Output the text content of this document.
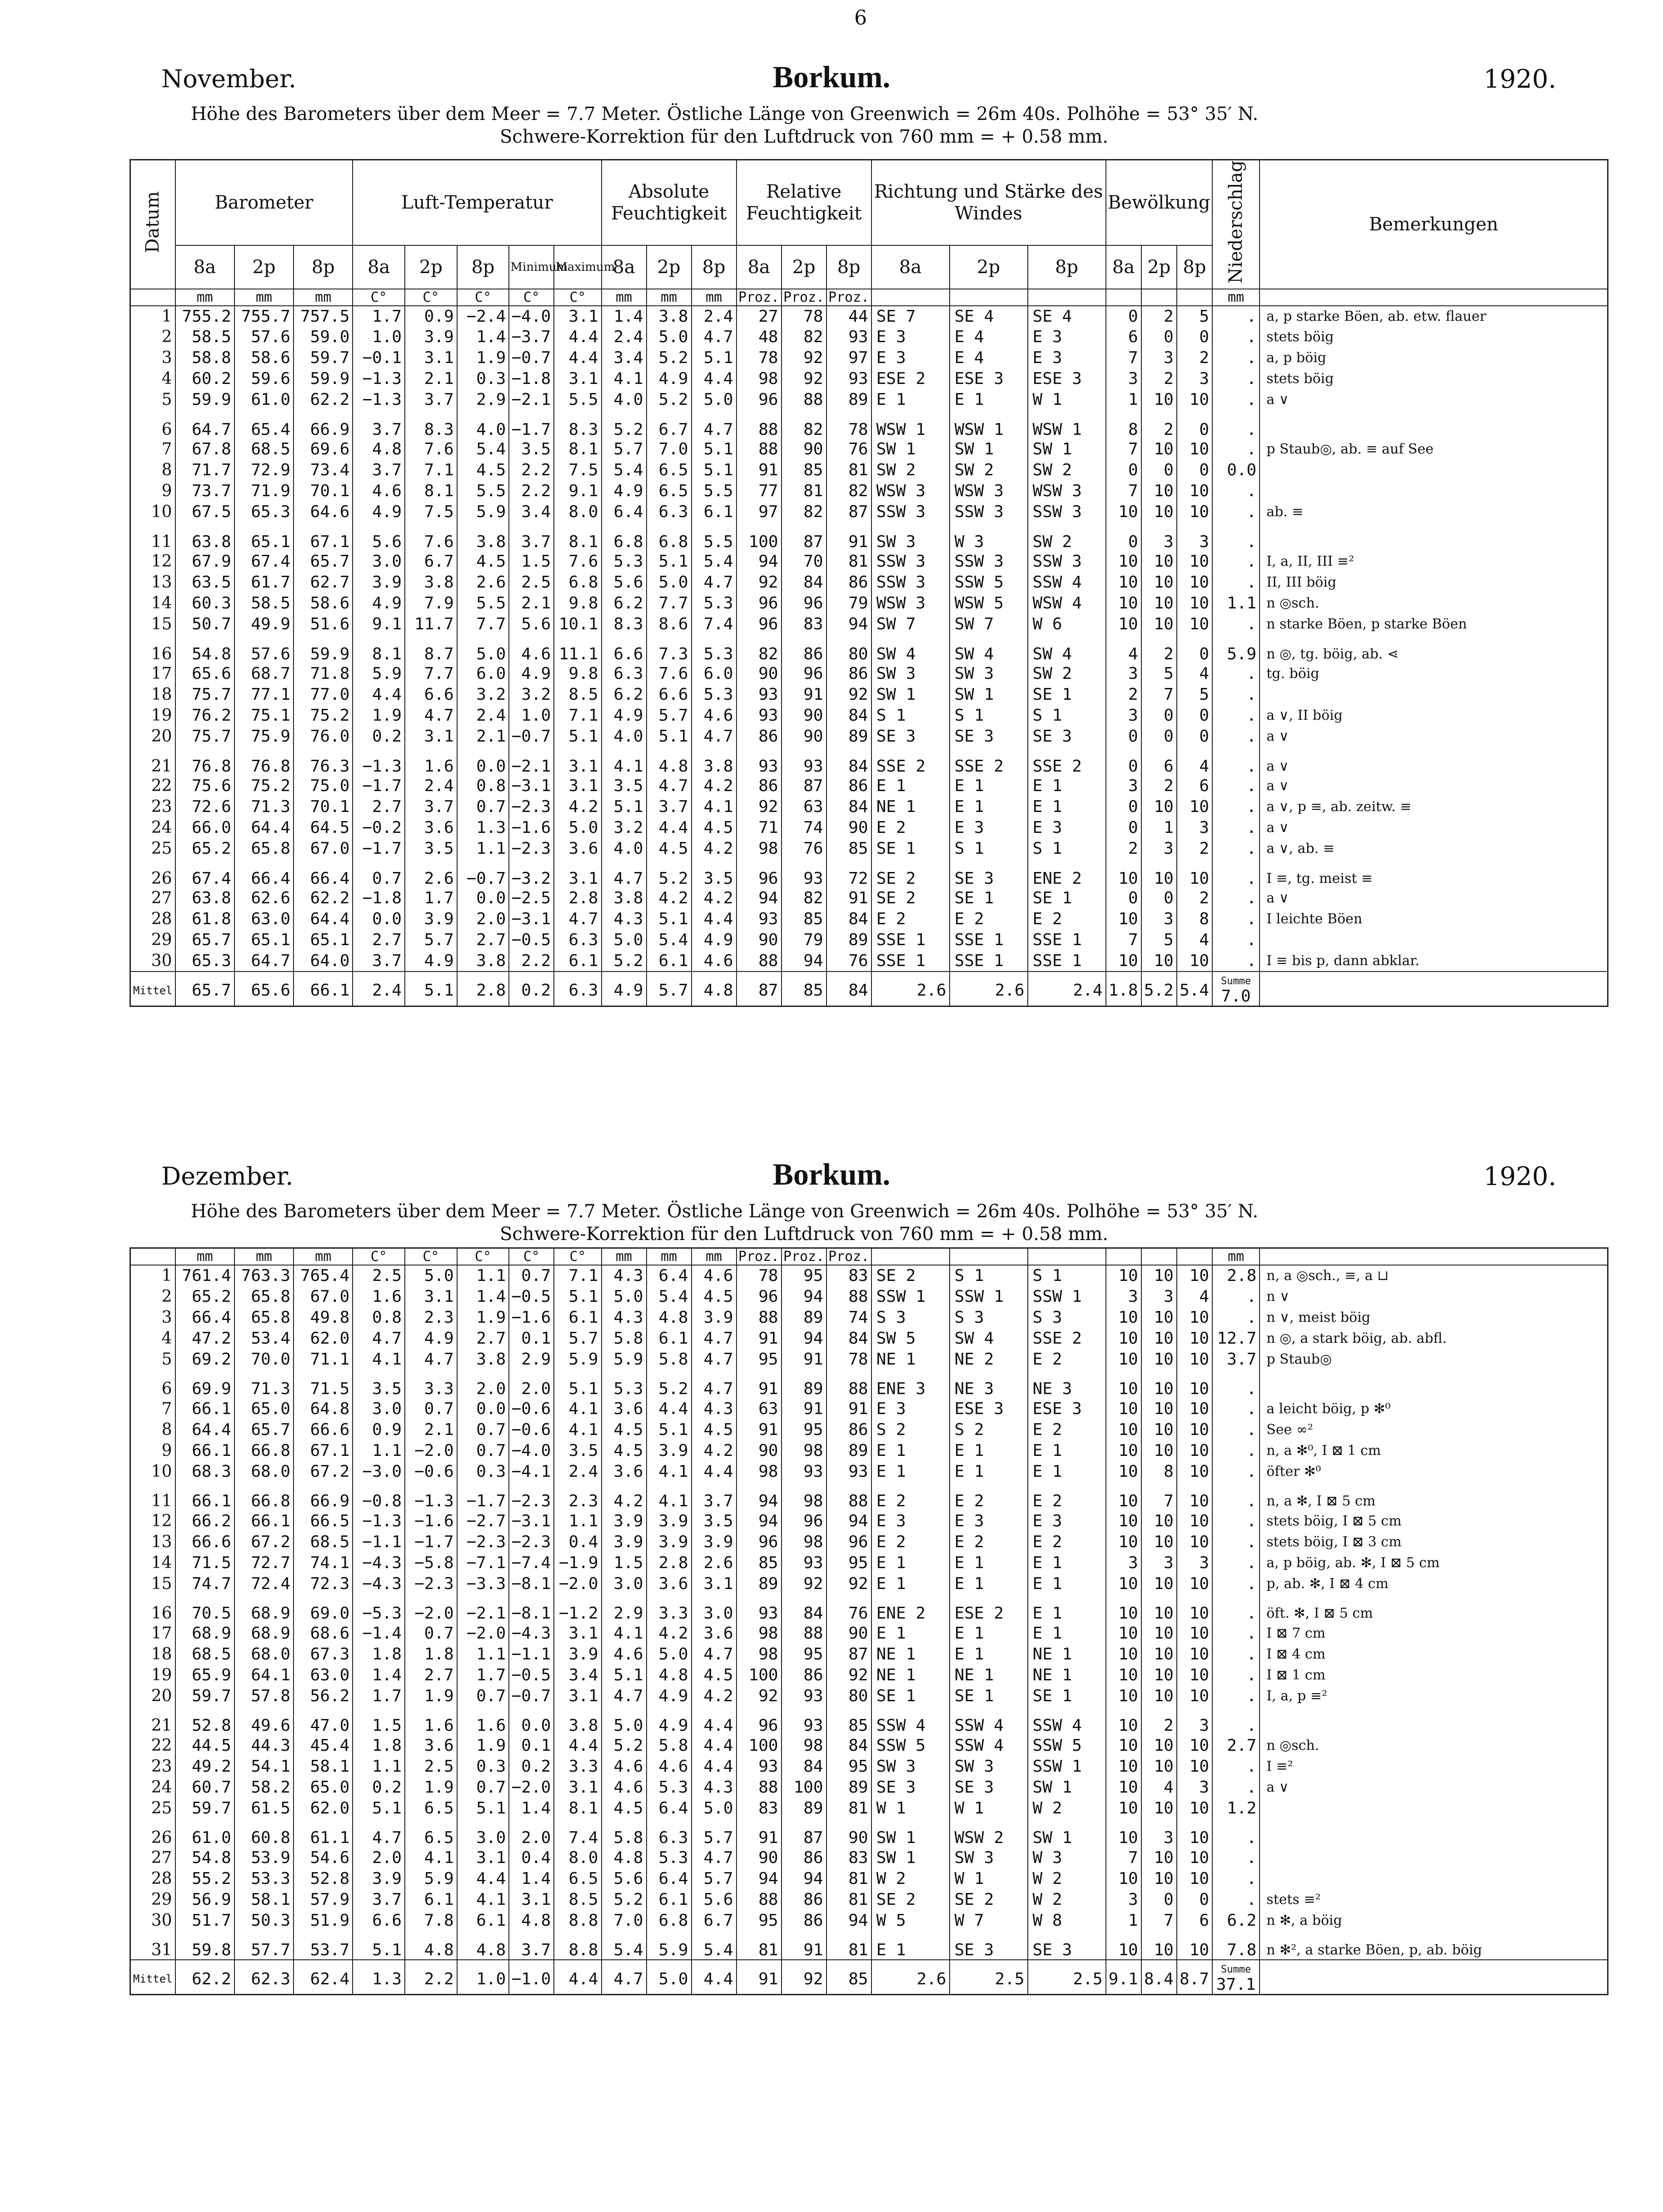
6
November.	Borkum.	1920.
Höhe des Barometers über dem Meer = 7.7 Meter. Östliche Länge von Greenwich = 26m 40s. Polhöhe = 53° 35′ N.
Schwere-Korrektion für den Luftdruck von 760 mm = + 0.58 mm.
Datum	Barometer			Luft-Temperatur					Absolute Feuchtigkeit			Relative Feuchtigkeit			Richtung und Stärke des Windes			Bewölkung			Niederschlag	Bemerkungen
	8a	2p	8p	8a	2p	8p	Minimum	Maximum	8a	2p	8p	8a	2p	8p	8a	2p	8p	8a	2p	8p		
	mm	mm	mm	C°	C°	C°	C°	C°	mm	mm	mm	Proz.	Proz.	Proz.							mm	
1	755.2	755.7	757.5	1.7	0.9	−2.4	−4.0	3.1	1.4	3.8	2.4	27	78	44	SE 7	SE 4	SE 4	0	2	5	.	a, p starke Böen, ab. etw. flauer
2	58.5	57.6	59.0	1.0	3.9	1.4	−3.7	4.4	2.4	5.0	4.7	48	82	93	E 3	E 4	E 3	6	0	0	.	stets böig
3	58.8	58.6	59.7	−0.1	3.1	1.9	−0.7	4.4	3.4	5.2	5.1	78	92	97	E 3	E 4	E 3	7	3	2	.	a, p böig
4	60.2	59.6	59.9	−1.3	2.1	0.3	−1.8	3.1	4.1	4.9	4.4	98	92	93	ESE 2	ESE 3	ESE 3	3	2	3	.	stets böig
5	59.9	61.0	62.2	−1.3	3.7	2.9	−2.1	5.5	4.0	5.2	5.0	96	88	89	E 1	E 1	W 1	1	10	10	.	a ∨
6	64.7	65.4	66.9	3.7	8.3	4.0	−1.7	8.3	5.2	6.7	4.7	88	82	78	WSW 1	WSW 1	WSW 1	8	2	0	.	
7	67.8	68.5	69.6	4.8	7.6	5.4	3.5	8.1	5.7	7.0	5.1	88	90	76	SW 1	SW 1	SW 1	7	10	10	.	p Staub◎, ab. ≡ auf See
8	71.7	72.9	73.4	3.7	7.1	4.5	2.2	7.5	5.4	6.5	5.1	91	85	81	SW 2	SW 2	SW 2	0	0	0	0.0	
9	73.7	71.9	70.1	4.6	8.1	5.5	2.2	9.1	4.9	6.5	5.5	77	81	82	WSW 3	WSW 3	WSW 3	7	10	10	.	
10	67.5	65.3	64.6	4.9	7.5	5.9	3.4	8.0	6.4	6.3	6.1	97	82	87	SSW 3	SSW 3	SSW 3	10	10	10	.	ab. ≡
11	63.8	65.1	67.1	5.6	7.6	3.8	3.7	8.1	6.8	6.8	5.5	100	87	91	SW 3	W 3	SW 2	0	3	3	.	
12	67.9	67.4	65.7	3.0	6.7	4.5	1.5	7.6	5.3	5.1	5.4	94	70	81	SSW 3	SSW 3	SSW 3	10	10	10	.	I, a, II, III ≡²
13	63.5	61.7	62.7	3.9	3.8	2.6	2.5	6.8	5.6	5.0	4.7	92	84	86	SSW 3	SSW 5	SSW 4	10	10	10	.	II, III böig
14	60.3	58.5	58.6	4.9	7.9	5.5	2.1	9.8	6.2	7.7	5.3	96	96	79	WSW 3	WSW 5	WSW 4	10	10	10	1.1	n ◎sch.
15	50.7	49.9	51.6	9.1	11.7	7.7	5.6	10.1	8.3	8.6	7.4	96	83	94	SW 7	SW 7	W 6	10	10	10	.	n starke Böen, p starke Böen
16	54.8	57.6	59.9	8.1	8.7	5.0	4.6	11.1	6.6	7.3	5.3	82	86	80	SW 4	SW 4	SW 4	4	2	0	5.9	n ◎, tg. böig, ab. ⋖
17	65.6	68.7	71.8	5.9	7.7	6.0	4.9	9.8	6.3	7.6	6.0	90	96	86	SW 3	SW 3	SW 2	3	5	4	.	tg. böig
18	75.7	77.1	77.0	4.4	6.6	3.2	3.2	8.5	6.2	6.6	5.3	93	91	92	SW 1	SW 1	SE 1	2	7	5	.	
19	76.2	75.1	75.2	1.9	4.7	2.4	1.0	7.1	4.9	5.7	4.6	93	90	84	S 1	S 1	S 1	3	0	0	.	a ∨, II böig
20	75.7	75.9	76.0	0.2	3.1	2.1	−0.7	5.1	4.0	5.1	4.7	86	90	89	SE 3	SE 3	SE 3	0	0	0	.	a ∨
21	76.8	76.8	76.3	−1.3	1.6	0.0	−2.1	3.1	4.1	4.8	3.8	93	93	84	SSE 2	SSE 2	SSE 2	0	6	4	.	a ∨
22	75.6	75.2	75.0	−1.7	2.4	0.8	−3.1	3.1	3.5	4.7	4.2	86	87	86	E 1	E 1	E 1	3	2	6	.	a ∨
23	72.6	71.3	70.1	2.7	3.7	0.7	−2.3	4.2	5.1	3.7	4.1	92	63	84	NE 1	E 1	E 1	0	10	10	.	a ∨, p ≡, ab. zeitw. ≡
24	66.0	64.4	64.5	−0.2	3.6	1.3	−1.6	5.0	3.2	4.4	4.5	71	74	90	E 2	E 3	E 3	0	1	3	.	a ∨
25	65.2	65.8	67.0	−1.7	3.5	1.1	−2.3	3.6	4.0	4.5	4.2	98	76	85	SE 1	S 1	S 1	2	3	2	.	a ∨, ab. ≡
26	67.4	66.4	66.4	0.7	2.6	−0.7	−3.2	3.1	4.7	5.2	3.5	96	93	72	SE 2	SE 3	ENE 2	10	10	10	.	I ≡, tg. meist ≡
27	63.8	62.6	62.2	−1.8	1.7	0.0	−2.5	2.8	3.8	4.2	4.2	94	82	91	SE 2	SE 1	SE 1	0	0	2	.	a ∨
28	61.8	63.0	64.4	0.0	3.9	2.0	−3.1	4.7	4.3	5.1	4.4	93	85	84	E 2	E 2	E 2	10	3	8	.	I leichte Böen
29	65.7	65.1	65.1	2.7	5.7	2.7	−0.5	6.3	5.0	5.4	4.9	90	79	89	SSE 1	SSE 1	SSE 1	7	5	4	.	
30	65.3	64.7	64.0	3.7	4.9	3.8	2.2	6.1	5.2	6.1	4.6	88	94	76	SSE 1	SSE 1	SSE 1	10	10	10	.	I ≡ bis p, dann abklar.
Mittel	65.7	65.6	66.1	2.4	5.1	2.8	0.2	6.3	4.9	5.7	4.8	87	85	84	2.6	2.6	2.4	1.8	5.2	5.4	Summe
7.0	

Dezember.	Borkum.	1920.
Höhe des Barometers über dem Meer = 7.7 Meter. Östliche Länge von Greenwich = 26m 40s. Polhöhe = 53° 35′ N.
Schwere-Korrektion für den Luftdruck von 760 mm = + 0.58 mm.
	mm	mm	mm	C°	C°	C°	C°	C°	mm	mm	mm	Proz.	Proz.	Proz.							mm	
1	761.4	763.3	765.4	2.5	5.0	1.1	0.7	7.1	4.3	6.4	4.6	78	95	83	SE 2	S 1	S 1	10	10	10	2.8	n, a ◎sch., ≡, a ⊔
2	65.2	65.8	67.0	1.6	3.1	1.4	−0.5	5.1	5.0	5.4	4.5	96	94	88	SSW 1	SSW 1	SSW 1	3	3	4	.	n ∨
3	66.4	65.8	49.8	0.8	2.3	1.9	−1.6	6.1	4.3	4.8	3.9	88	89	74	S 3	S 3	S 3	10	10	10	.	n ∨, meist böig
4	47.2	53.4	62.0	4.7	4.9	2.7	0.1	5.7	5.8	6.1	4.7	91	94	84	SW 5	SW 4	SSE 2	10	10	10	12.7	n ◎, a stark böig, ab. abfl.
5	69.2	70.0	71.1	4.1	4.7	3.8	2.9	5.9	5.9	5.8	4.7	95	91	78	NE 1	NE 2	E 2	10	10	10	3.7	p Staub◎
6	69.9	71.3	71.5	3.5	3.3	2.0	2.0	5.1	5.3	5.2	4.7	91	89	88	ENE 3	NE 3	NE 3	10	10	10	.	
7	66.1	65.0	64.8	3.0	0.7	0.0	−0.6	4.1	3.6	4.4	4.3	63	91	91	E 3	ESE 3	ESE 3	10	10	10	.	a leicht böig, p ✻⁰
8	64.4	65.7	66.6	0.9	2.1	0.7	−0.6	4.1	4.5	5.1	4.5	91	95	86	S 2	S 2	E 2	10	10	10	.	See ∞²
9	66.1	66.8	67.1	1.1	−2.0	0.7	−4.0	3.5	4.5	3.9	4.2	90	98	89	E 1	E 1	E 1	10	10	10	.	n, a ✻⁰, I ⊠ 1 cm
10	68.3	68.0	67.2	−3.0	−0.6	0.3	−4.1	2.4	3.6	4.1	4.4	98	93	93	E 1	E 1	E 1	10	8	10	.	öfter ✻⁰
11	66.1	66.8	66.9	−0.8	−1.3	−1.7	−2.3	2.3	4.2	4.1	3.7	94	98	88	E 2	E 2	E 2	10	7	10	.	n, a ✻, I ⊠ 5 cm
12	66.2	66.1	66.5	−1.3	−1.6	−2.7	−3.1	1.1	3.9	3.9	3.5	94	96	94	E 3	E 3	E 3	10	10	10	.	stets böig, I ⊠ 5 cm
13	66.6	67.2	68.5	−1.1	−1.7	−2.3	−2.3	0.4	3.9	3.9	3.9	96	98	96	E 2	E 2	E 2	10	10	10	.	stets böig, I ⊠ 3 cm
14	71.5	72.7	74.1	−4.3	−5.8	−7.1	−7.4	−1.9	1.5	2.8	2.6	85	93	95	E 1	E 1	E 1	3	3	3	.	a, p böig, ab. ✻, I ⊠ 5 cm
15	74.7	72.4	72.3	−4.3	−2.3	−3.3	−8.1	−2.0	3.0	3.6	3.1	89	92	92	E 1	E 1	E 1	10	10	10	.	p, ab. ✻, I ⊠ 4 cm
16	70.5	68.9	69.0	−5.3	−2.0	−2.1	−8.1	−1.2	2.9	3.3	3.0	93	84	76	ENE 2	ESE 2	E 1	10	10	10	.	öft. ✻, I ⊠ 5 cm
17	68.9	68.9	68.6	−1.4	0.7	−2.0	−4.3	3.1	4.1	4.2	3.6	98	88	90	E 1	E 1	E 1	10	10	10	.	I ⊠ 7 cm
18	68.5	68.0	67.3	1.8	1.8	1.1	−1.1	3.9	4.6	5.0	4.7	98	95	87	NE 1	E 1	NE 1	10	10	10	.	I ⊠ 4 cm
19	65.9	64.1	63.0	1.4	2.7	1.7	−0.5	3.4	5.1	4.8	4.5	100	86	92	NE 1	NE 1	NE 1	10	10	10	.	I ⊠ 1 cm
20	59.7	57.8	56.2	1.7	1.9	0.7	−0.7	3.1	4.7	4.9	4.2	92	93	80	SE 1	SE 1	SE 1	10	10	10	.	I, a, p ≡²
21	52.8	49.6	47.0	1.5	1.6	1.6	0.0	3.8	5.0	4.9	4.4	96	93	85	SSW 4	SSW 4	SSW 4	10	2	3	.	
22	44.5	44.3	45.4	1.8	3.6	1.9	0.1	4.4	5.2	5.8	4.4	100	98	84	SSW 5	SSW 4	SSW 5	10	10	10	2.7	n ◎sch.
23	49.2	54.1	58.1	1.1	2.5	0.3	0.2	3.3	4.6	4.6	4.4	93	84	95	SW 3	SW 3	SSW 1	10	10	10	.	I ≡²
24	60.7	58.2	65.0	0.2	1.9	0.7	−2.0	3.1	4.6	5.3	4.3	88	100	89	SE 3	SE 3	SW 1	10	4	3	.	a ∨
25	59.7	61.5	62.0	5.1	6.5	5.1	1.4	8.1	4.5	6.4	5.0	83	89	81	W 1	W 1	W 2	10	10	10	1.2	
26	61.0	60.8	61.1	4.7	6.5	3.0	2.0	7.4	5.8	6.3	5.7	91	87	90	SW 1	WSW 2	SW 1	10	3	10	.	
27	54.8	53.9	54.6	2.0	4.1	3.1	0.4	8.0	4.8	5.3	4.7	90	86	83	SW 1	SW 3	W 3	7	10	10	.	
28	55.2	53.3	52.8	3.9	5.9	4.4	1.4	6.5	5.6	6.4	5.7	94	94	81	W 2	W 1	W 2	10	10	10	.	
29	56.9	58.1	57.9	3.7	6.1	4.1	3.1	8.5	5.2	6.1	5.6	88	86	81	SE 2	SE 2	W 2	3	0	0	.	stets ≡²
30	51.7	50.3	51.9	6.6	7.8	6.1	4.8	8.8	7.0	6.8	6.7	95	86	94	W 5	W 7	W 8	1	7	6	6.2	n ✻, a böig
31	59.8	57.7	53.7	5.1	4.8	4.8	3.7	8.8	5.4	5.9	5.4	81	91	81	E 1	SE 3	SE 3	10	10	10	7.8	n ✻², a starke Böen, p, ab. böig
Mittel	62.2	62.3	62.4	1.3	2.2	1.0	−1.0	4.4	4.7	5.0	4.4	91	92	85	2.6	2.5	2.5	9.1	8.4	8.7	Summe
37.1	
